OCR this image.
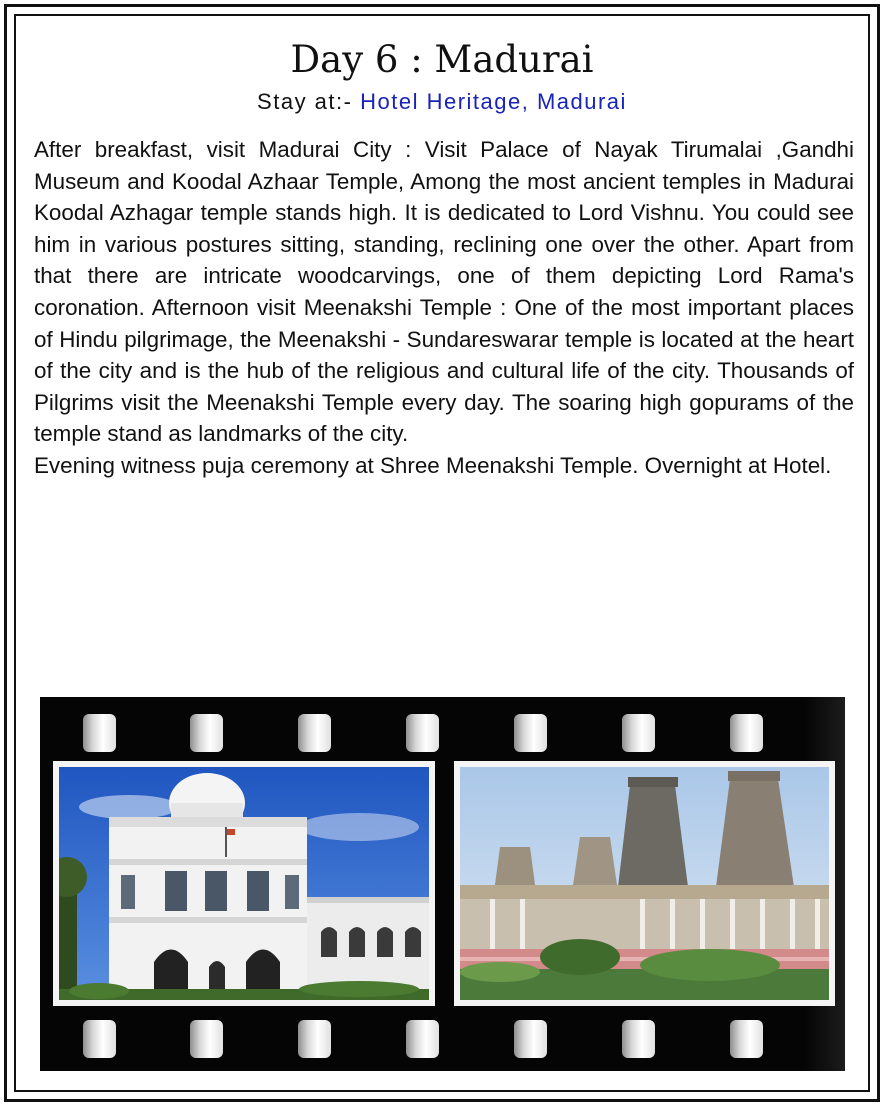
Day 6 : Madurai
Stay at:- Hotel Heritage, Madurai

After breakfast, visit Madurai City : Visit Palace of Nayak Tirumalai ,Gandhi Museum and Koodal Azhaar Temple, Among the most ancient temples in Madurai Koodal Azhagar temple stands high. It is dedicated to Lord Vishnu. You could see him in various postures sitting, standing, reclining one over the other. Apart from that there are intricate woodcarvings, one of them depicting Lord Rama's coronation. Afternoon visit Meenakshi Temple : One of the most important places of Hindu pilgrimage, the Meenakshi - Sundareswarar temple is located at the heart of the city and is the hub of the religious and cultural life of the city. Thousands of Pilgrims visit the Meenakshi Temple every day. The soaring high gopurams of the temple stand as landmarks of the city.

Evening witness puja ceremony at Shree Meenakshi Temple. Overnight at Hotel.
